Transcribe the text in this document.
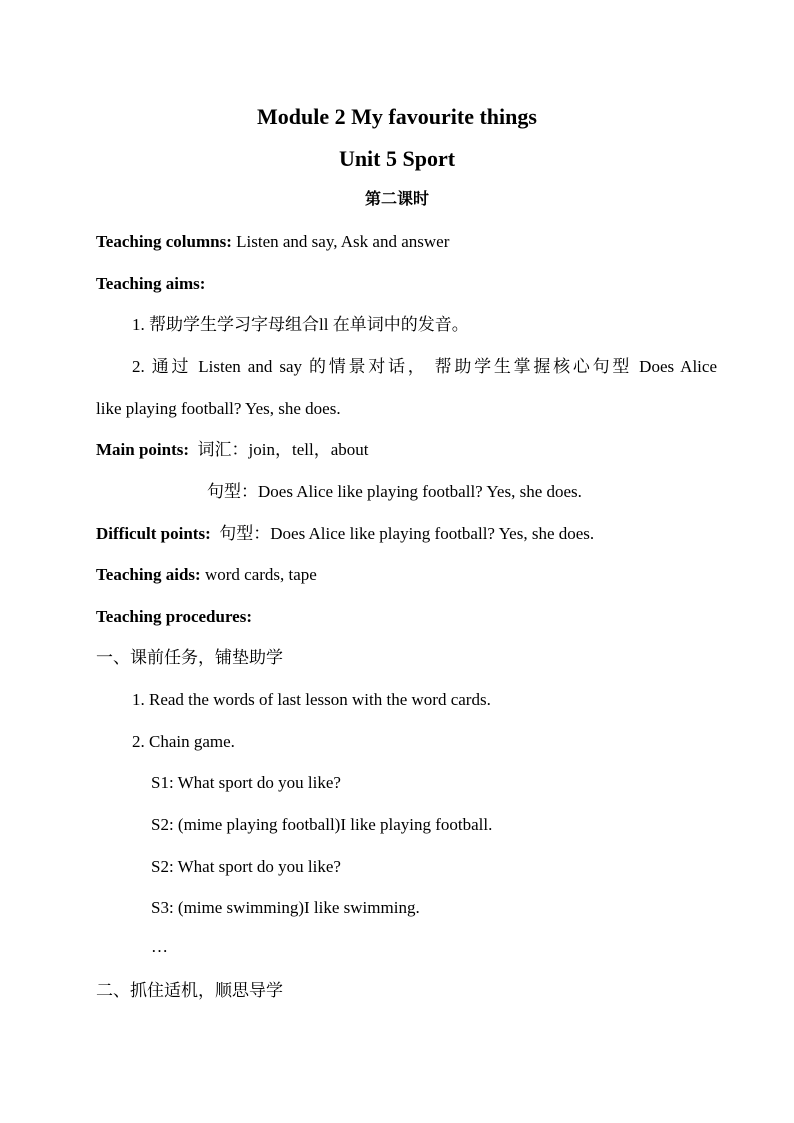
Module 2 My favourite things
Unit 5 Sport
第二课时
Teaching columns: Listen and say, Ask and answer
Teaching aims:
1. 帮助学生学习字母组合ll 在单词中的发音。
2. 通过 Listen and say 的情景对话， 帮助学生掌握核心句型 Does Alice
like playing football? Yes, she does.
Main points: 词汇：join，tell，about
句型：Does Alice like playing football? Yes, she does.
Difficult points: 句型：Does Alice like playing football? Yes, she does.
Teaching aids: word cards, tape
Teaching procedures:
一、课前任务，铺垫助学
1. Read the words of last lesson with the word cards.
2. Chain game.
S1: What sport do you like?
S2: (mime playing football)I like playing football.
S2: What sport do you like?
S3: (mime swimming)I like swimming.
…
二、抓住适机，顺思导学
